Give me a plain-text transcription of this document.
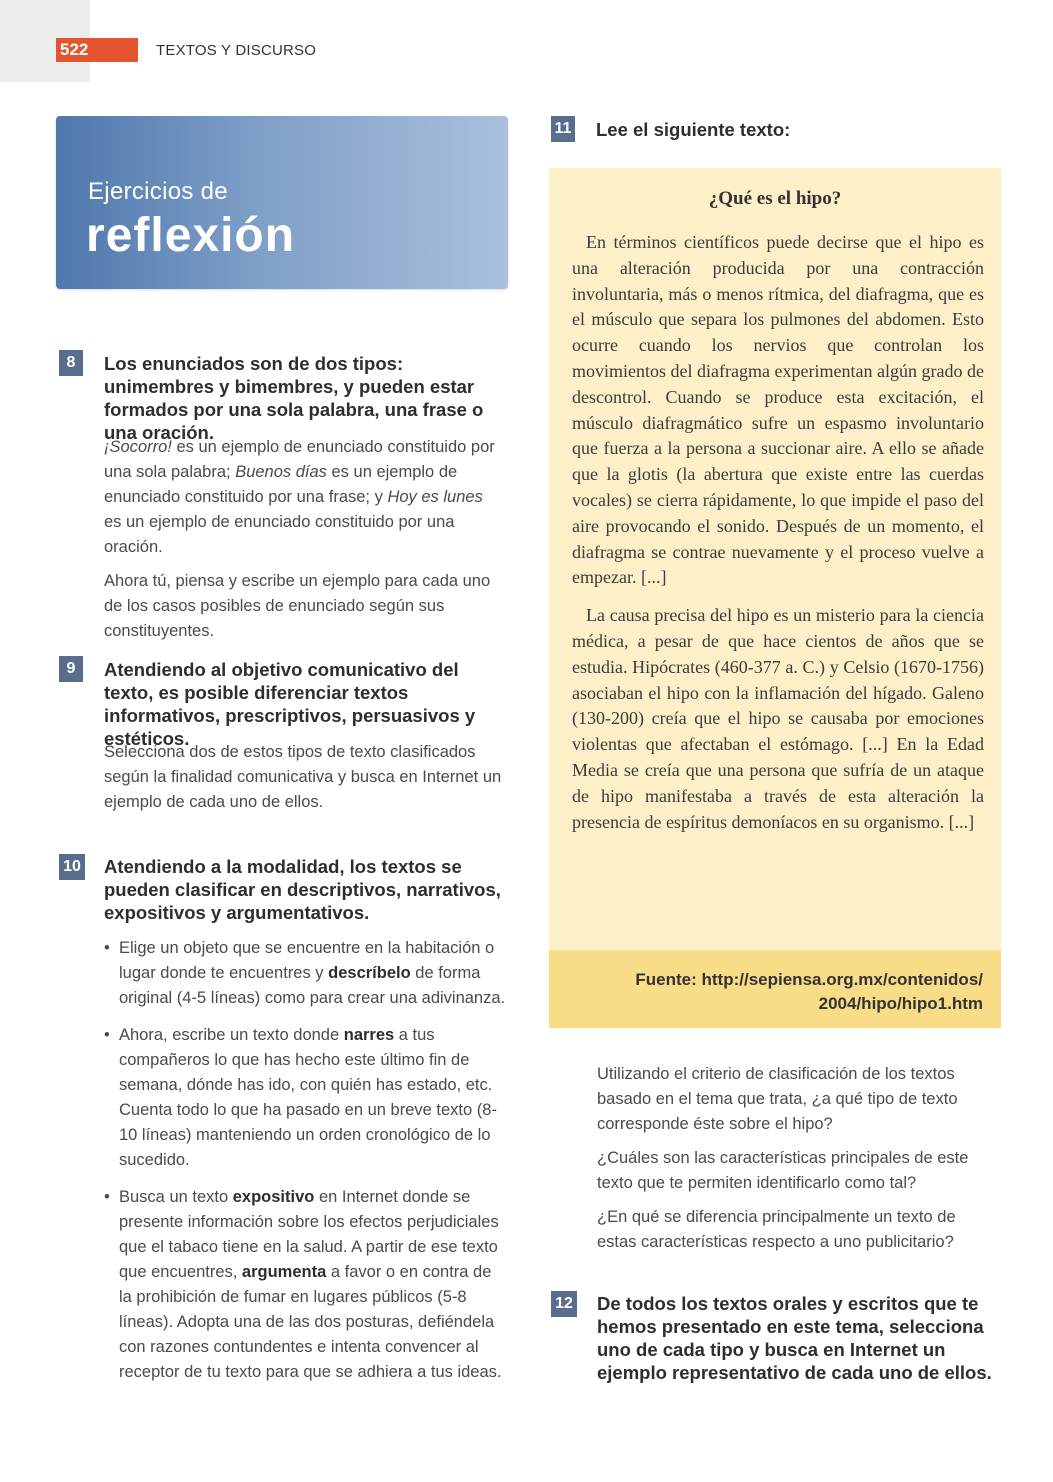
522	TEXTOS Y DISCURSO
Ejercicios de
reflexión
8	Los enunciados son de dos tipos: unimembres y bimembres, y pueden estar formados por una sola palabra, una frase o una oración.

¡Socorro! es un ejemplo de enunciado constituido por una sola palabra; Buenos días es un ejemplo de enunciado constituido por una frase; y Hoy es lunes es un ejemplo de enunciado constituido por una oración.

Ahora tú, piensa y escribe un ejemplo para cada uno de los casos posibles de enunciado según sus constituyentes.

9	Atendiendo al objetivo comunicativo del texto, es posible diferenciar textos informativos, prescriptivos, persuasivos y estéticos.

Selecciona dos de estos tipos de texto clasificados según la finalidad comunicativa y busca en Internet un ejemplo de cada uno de ellos.

10 Atendiendo a la modalidad, los textos se pueden clasificar en descriptivos, narrativos, expositivos y argumentativos.
• Elige un objeto que se encuentre en la habitación o lugar donde te encuentres y descríbelo de forma original (4-5 líneas) como para crear una adivinanza.
• Ahora, escribe un texto donde narres a tus compañeros lo que has hecho este último fin de semana, dónde has ido, con quién has estado, etc. Cuenta todo lo que ha pasado en un breve texto (8-10 líneas) manteniendo un orden cronológico de lo sucedido.
• Busca un texto expositivo en Internet donde se presente información sobre los efectos perjudiciales que el tabaco tiene en la salud. A partir de ese texto que encuentres, argumenta a favor o en contra de la prohibición de fumar en lugares públicos (5-8 líneas). Adopta una de las dos posturas, defiéndela con razones contundentes e intenta convencer al receptor de tu texto para que se adhiera a tus ideas.
11 Lee el siguiente texto:
¿Qué es el hipo?

En términos científicos puede decirse que el hipo es una alteración producida por una contracción involuntaria, más o menos rítmica, del diafragma, que es el músculo que separa los pulmones del abdomen. Esto ocurre cuando los nervios que controlan los movimientos del diafragma experimentan algún grado de descontrol. Cuando se produce esta excitación, el músculo diafragmático sufre un espasmo involuntario que fuerza a la persona a succionar aire. A ello se añade que la glotis (la abertura que existe entre las cuerdas vocales) se cierra rápidamente, lo que impide el paso del aire provocando el sonido. Después de un momento, el diafragma se contrae nuevamente y el proceso vuelve a empezar. [...]

La causa precisa del hipo es un misterio para la ciencia médica, a pesar de que hace cientos de años que se estudia. Hipócrates (460-377 a. C.) y Celsio (1670-1756) asociaban el hipo con la inflamación del hígado. Galeno (130-200) creía que el hipo se causaba por emociones violentas que afectaban el estómago. [...] En la Edad Media se creía que una persona que sufría de un ataque de hipo manifestaba a través de esta alteración la presencia de espíritus demoníacos en su organismo. [...]

Fuente: http://sepiensa.org.mx/contenidos/
2004/hipo/hipo1.htm

Utilizando el criterio de clasificación de los textos basado en el tema que trata, ¿a qué tipo de texto corresponde éste sobre el hipo?

¿Cuáles son las características principales de este texto que te permiten identificarlo como tal?

¿En qué se diferencia principalmente un texto de estas características respecto a uno publicitario?

12 De todos los textos orales y escritos que te hemos presentado en este tema, selecciona uno de cada tipo y busca en Internet un ejemplo representativo de cada uno de ellos.
